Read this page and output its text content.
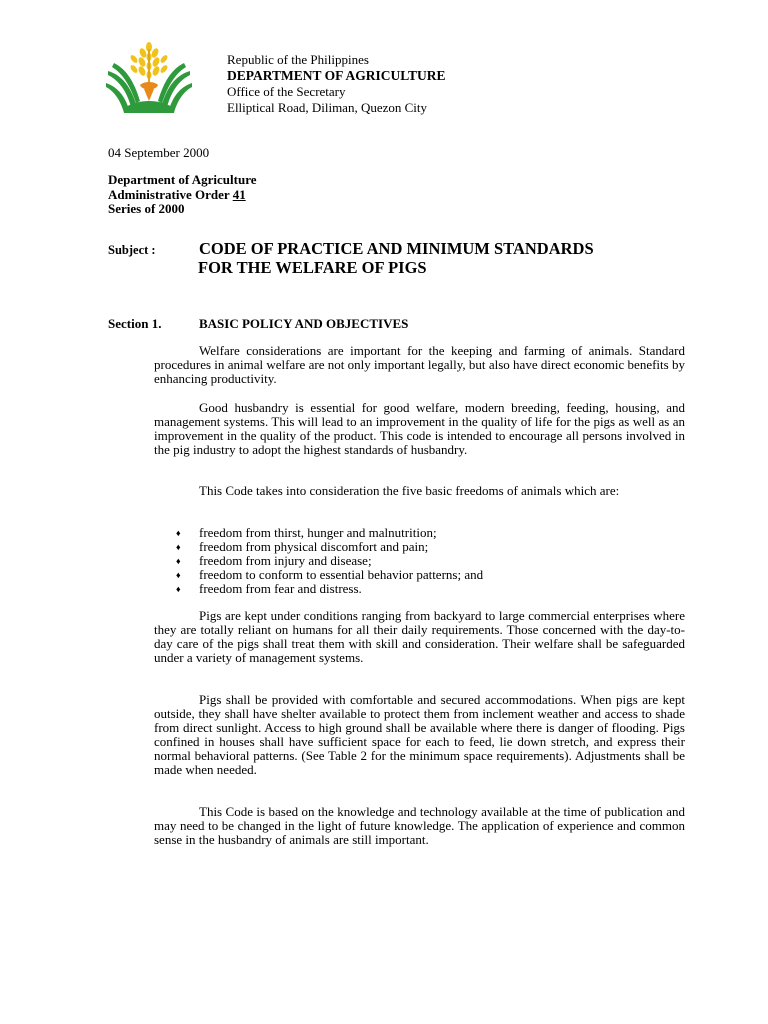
Republic of the Philippines
DEPARTMENT OF AGRICULTURE
Office of the Secretary
Elliptical Road, Diliman, Quezon City
04 September 2000
Department of Agriculture
Administrative Order 41
Series of 2000
Subject :	CODE OF PRACTICE AND MINIMUM STANDARDS
FOR THE WELFARE OF PIGS
Section 1.	BASIC POLICY AND OBJECTIVES

Welfare considerations are important for the keeping and farming of animals. Standard procedures in animal welfare are not only important legally, but also have direct economic benefits by enhancing productivity.

Good husbandry is essential for good welfare, modern breeding, feeding, housing, and management systems. This will lead to an improvement in the quality of life for the pigs as well as an improvement in the quality of the product. This code is intended to encourage all persons involved in the pig industry to adopt the highest standards of husbandry.

This Code takes into consideration the five basic freedoms of animals which are:

♦ freedom from thirst, hunger and malnutrition;
♦ freedom from physical discomfort and pain;
♦ freedom from injury and disease;
♦ freedom to conform to essential behavior patterns; and
♦ freedom from fear and distress.

Pigs are kept under conditions ranging from backyard to large commercial enterprises where they are totally reliant on humans for all their daily requirements. Those concerned with the day-to-day care of the pigs shall treat them with skill and consideration. Their welfare shall be safeguarded under a variety of management systems.

Pigs shall be provided with comfortable and secured accommodations. When pigs are kept outside, they shall have shelter available to protect them from inclement weather and access to shade from direct sunlight. Access to high ground shall be available where there is danger of flooding. Pigs confined in houses shall have sufficient space for each to feed, lie down stretch, and express their normal behavioral patterns. (See Table 2 for the minimum space requirements). Adjustments shall be made when needed.

This Code is based on the knowledge and technology available at the time of publication and may need to be changed in the light of future knowledge. The application of experience and common sense in the husbandry of animals are still important.
